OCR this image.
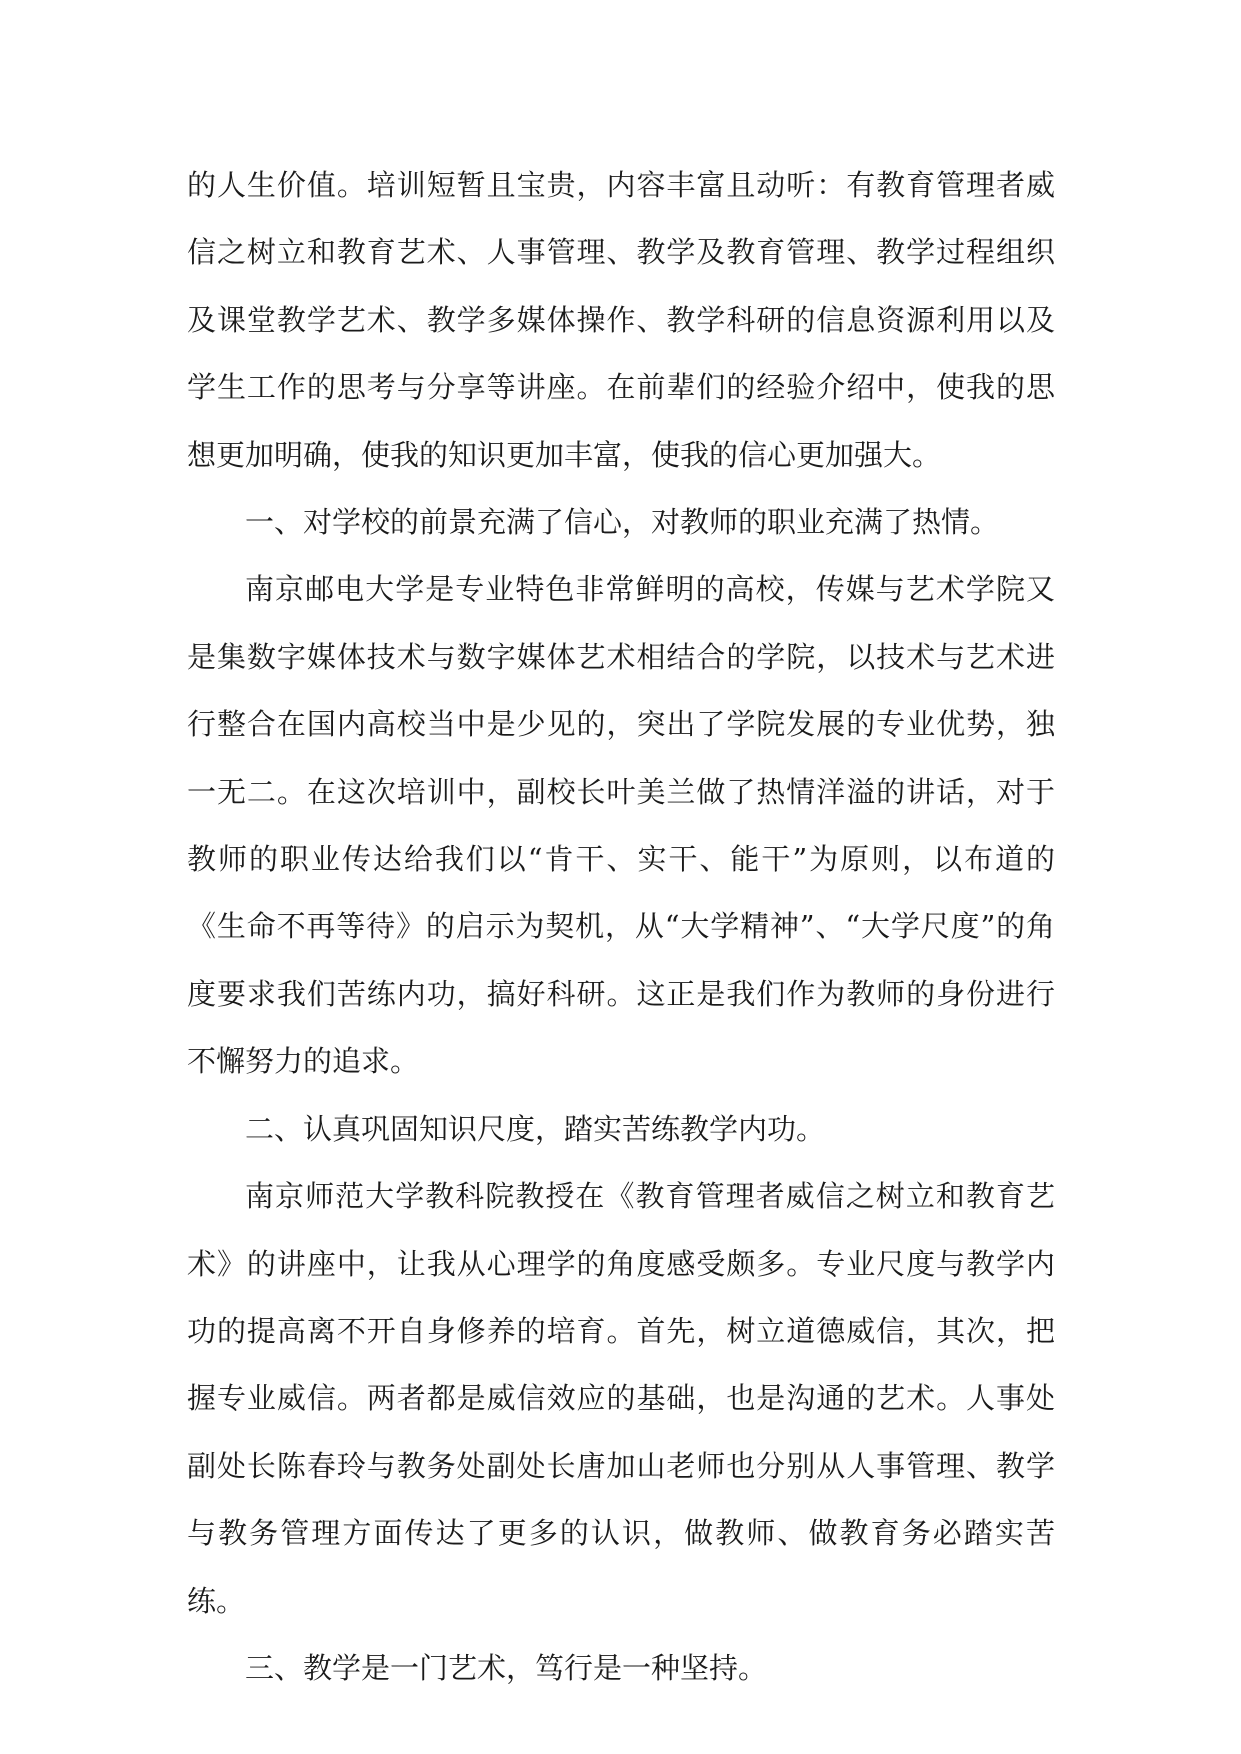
的人生价值。培训短暂且宝贵，内容丰富且动听：有教育管理者威信之树立和教育艺术、人事管理、教学及教育管理、教学过程组织及课堂教学艺术、教学多媒体操作、教学科研的信息资源利用以及学生工作的思考与分享等讲座。在前辈们的经验介绍中，使我的思想更加明确，使我的知识更加丰富，使我的信心更加强大。

一、对学校的前景充满了信心，对教师的职业充满了热情。

南京邮电大学是专业特色非常鲜明的高校，传媒与艺术学院又是集数字媒体技术与数字媒体艺术相结合的学院，以技术与艺术进行整合在国内高校当中是少见的，突出了学院发展的专业优势，独一无二。在这次培训中，副校长叶美兰做了热情洋溢的讲话，对于教师的职业传达给我们以“肯干、实干、能干”为原则，以布道的《生命不再等待》的启示为契机，从“大学精神”、“大学尺度”的角度要求我们苦练内功，搞好科研。这正是我们作为教师的身份进行不懈努力的追求。

二、认真巩固知识尺度，踏实苦练教学内功。

南京师范大学教科院教授在《教育管理者威信之树立和教育艺术》的讲座中，让我从心理学的角度感受颇多。专业尺度与教学内功的提高离不开自身修养的培育。首先，树立道德威信，其次，把握专业威信。两者都是威信效应的基础，也是沟通的艺术。人事处副处长陈春玲与教务处副处长唐加山老师也分别从人事管理、教学与教务管理方面传达了更多的认识，做教师、做教育务必踏实苦练。

三、教学是一门艺术，笃行是一种坚持。
